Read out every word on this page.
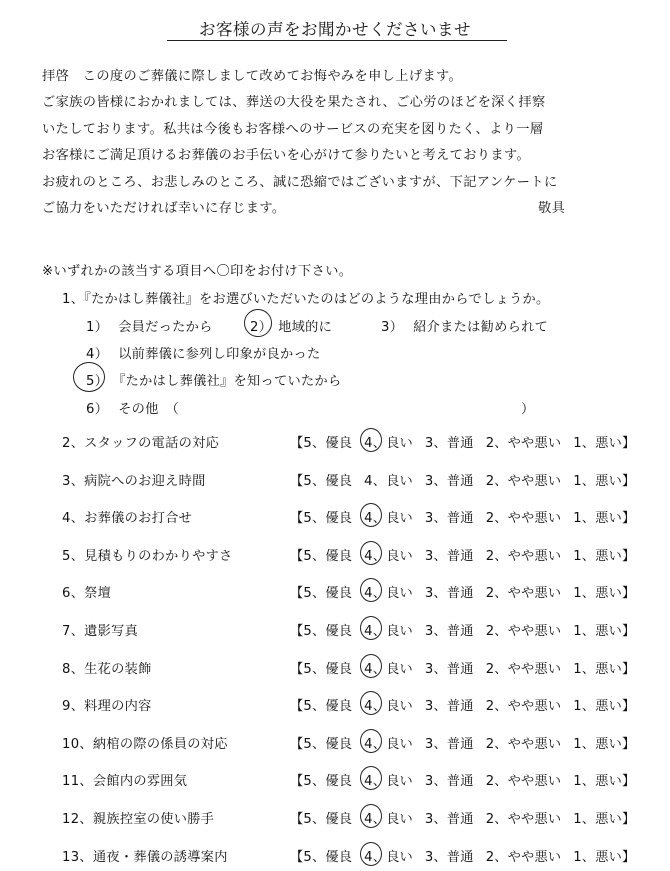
お客様の声をお聞かせくださいませ
拝啓　この度のご葬儀に際しまして改めてお悔やみを申し上げます。
ご家族の皆様におかれましては、葬送の大役を果たされ、ご心労のほどを深く拝察
いたしております。私共は今後もお客様へのサービスの充実を図りたく、より一層
お客様にご満足頂けるお葬儀のお手伝いを心がけて参りたいと考えております。
お疲れのところ、お悲しみのところ、誠に恐縮ではございますが、下記アンケートに
ご協力をいただければ幸いに存じます。	敬具
※いずれかの該当する項目へ〇印をお付け下さい。
1、『たかはし葬儀社』をお選びいただいたのはどのような理由からでしょうか。
1） 会員だったから	2） 地域的に	3） 紹介または勧められて
4） 以前葬儀に参列し印象が良かった
5） 『たかはし葬儀社』を知っていたから
6） その他　（	）
2、スタッフの電話の対応	【5、優良 4、良い 3、普通 2、やや悪い 1、悪い】
3、病院へのお迎え時間	【5、優良 4、良い 3、普通 2、やや悪い 1、悪い】
4、お葬儀のお打合せ	【5、優良 4、良い 3、普通 2、やや悪い 1、悪い】
5、見積もりのわかりやすさ	【5、優良 4、良い 3、普通 2、やや悪い 1、悪い】
6、祭壇	【5、優良 4、良い 3、普通 2、やや悪い 1、悪い】
7、遺影写真	【5、優良 4、良い 3、普通 2、やや悪い 1、悪い】
8、生花の装飾	【5、優良 4、良い 3、普通 2、やや悪い 1、悪い】
9、料理の内容	【5、優良 4、良い 3、普通 2、やや悪い 1、悪い】
10、納棺の際の係員の対応	【5、優良 4、良い 3、普通 2、やや悪い 1、悪い】
11、会館内の雰囲気	【5、優良 4、良い 3、普通 2、やや悪い 1、悪い】
12、親族控室の使い勝手	【5、優良 4、良い 3、普通 2、やや悪い 1、悪い】
13、通夜・葬儀の誘導案内	【5、優良 4、良い 3、普通 2、やや悪い 1、悪い】
